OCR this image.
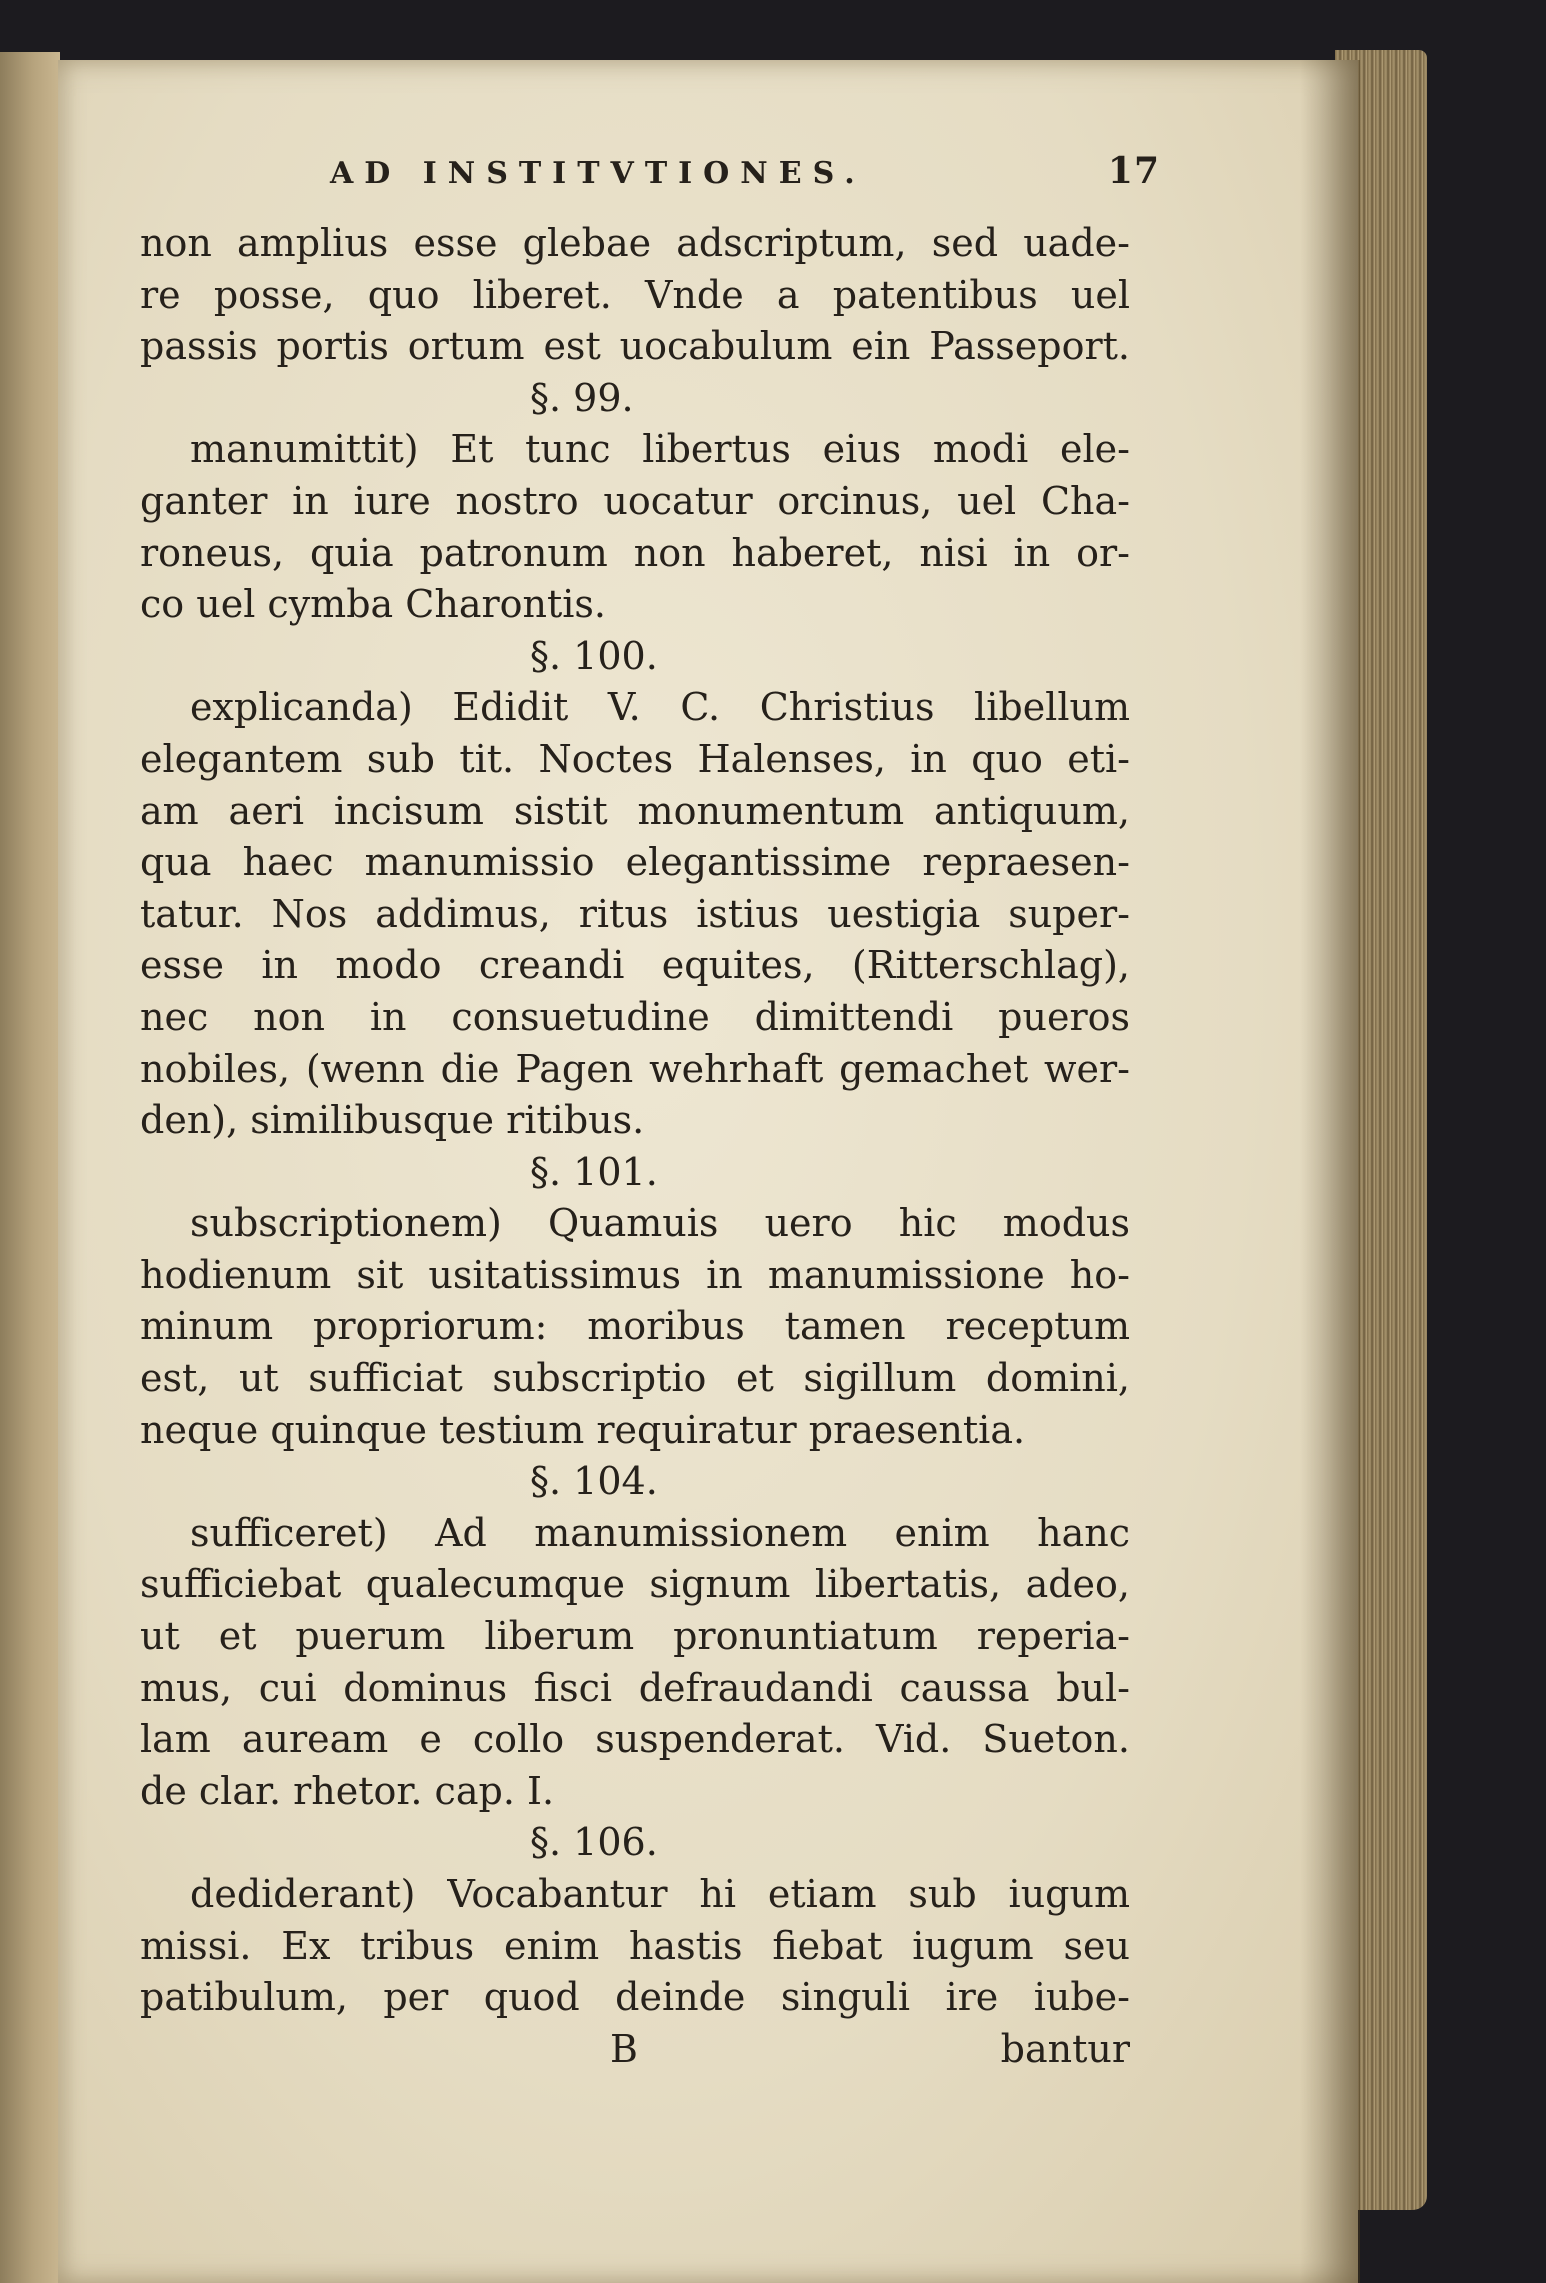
AD INSTITVTIONES.	17
non amplius esse glebae adscriptum, sed uade-
re posse, quo liberet. Vnde a patentibus uel
passis portis ortum est uocabulum ein Passeport.
§. 99.
manumittit) Et tunc libertus eius modi ele-
ganter in iure nostro uocatur orcinus, uel Cha-
roneus, quia patronum non haberet, nisi in or-
co uel cymba Charontis.
§. 100.
explicanda) Edidit V. C. Christius libellum
elegantem sub tit. Noctes Halenses, in quo eti-
am aeri incisum sistit monumentum antiquum,
qua haec manumissio elegantissime repraesen-
tatur. Nos addimus, ritus istius uestigia super-
esse in modo creandi equites, (Ritterschlag),
nec non in consuetudine dimittendi pueros
nobiles, (wenn die Pagen wehrhaft gemachet wer-
den), similibusque ritibus.
§. 101.
subscriptionem) Quamuis uero hic modus
hodienum sit usitatissimus in manumissione ho-
minum propriorum: moribus tamen receptum
est, ut sufficiat subscriptio et sigillum domini,
neque quinque testium requiratur praesentia.
§. 104.
sufficeret) Ad manumissionem enim hanc
sufficiebat qualecumque signum libertatis, adeo,
ut et puerum liberum pronuntiatum reperia-
mus, cui dominus fisci defraudandi caussa bul-
lam auream e collo suspenderat. Vid. Sueton.
de clar. rhetor. cap. I.
§. 106.
dediderant) Vocabantur hi etiam sub iugum
missi. Ex tribus enim hastis fiebat iugum seu
patibulum, per quod deinde singuli ire iube-
B	bantur
